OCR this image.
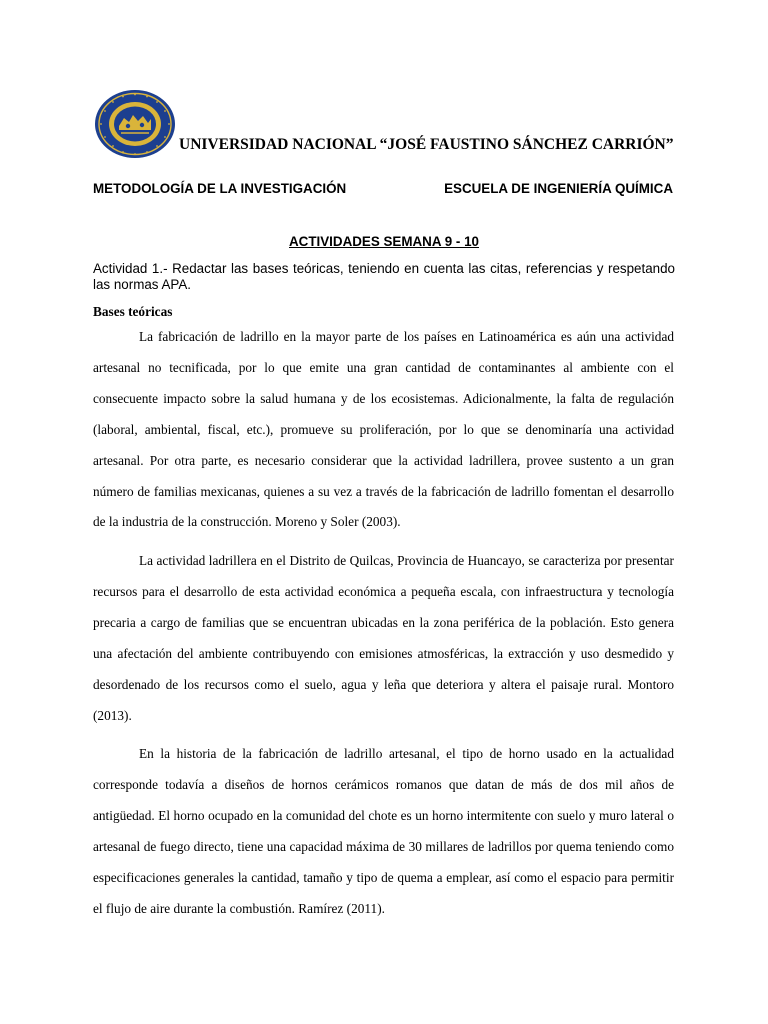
UNIVERSIDAD NACIONAL “JOSÉ FAUSTINO SÁNCHEZ CARRIÓN”
METODOLOGÍA DE LA INVESTIGACIÓN	ESCUELA DE INGENIERÍA QUÍMICA
ACTIVIDADES SEMANA 9 - 10
Actividad 1.- Redactar las bases teóricas, teniendo en cuenta las citas, referencias y respetando las normas APA.
Bases teóricas

La fabricación de ladrillo en la mayor parte de los países en Latinoamérica es aún una actividad artesanal no tecnificada, por lo que emite una gran cantidad de contaminantes al ambiente con el consecuente impacto sobre la salud humana y de los ecosistemas. Adicionalmente, la falta de regulación (laboral, ambiental, fiscal, etc.), promueve su proliferación, por lo que se denominaría una actividad artesanal. Por otra parte, es necesario considerar que la actividad ladrillera, provee sustento a un gran número de familias mexicanas, quienes a su vez a través de la fabricación de ladrillo fomentan el desarrollo de la industria de la construcción. Moreno y Soler (2003).

La actividad ladrillera en el Distrito de Quilcas, Provincia de Huancayo, se caracteriza por presentar recursos para el desarrollo de esta actividad económica a pequeña escala, con infraestructura y tecnología precaria a cargo de familias que se encuentran ubicadas en la zona periférica de la población. Esto genera una afectación del ambiente contribuyendo con emisiones atmosféricas, la extracción y uso desmedido y desordenado de los recursos como el suelo, agua y leña que deteriora y altera el paisaje rural. Montoro (2013).

En la historia de la fabricación de ladrillo artesanal, el tipo de horno usado en la actualidad corresponde todavía a diseños de hornos cerámicos romanos que datan de más de dos mil años de antigüedad. El horno ocupado en la comunidad del chote es un horno intermitente con suelo y muro lateral o artesanal de fuego directo, tiene una capacidad máxima de 30 millares de ladrillos por quema teniendo como especificaciones generales la cantidad, tamaño y tipo de quema a emplear, así como el espacio para permitir el flujo de aire durante la combustión. Ramírez (2011).
